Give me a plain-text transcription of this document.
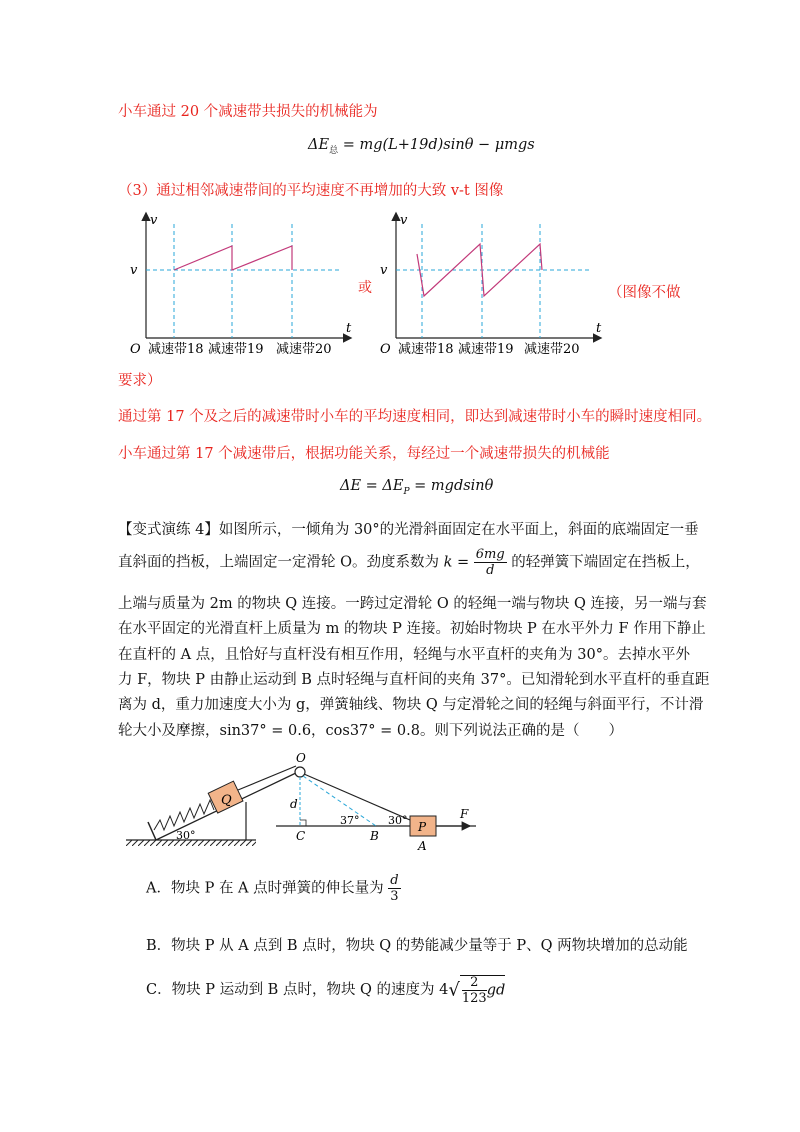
小车通过 20 个减速带共损失的机械能为
$\Delta E_总 = mg(L+19d)\sin\theta - \mu mgs$
（3）通过相邻减速带间的平均速度不再增加的大致 v-t 图像
v
v
t
O 减速带18 减速带19 减速带20
或
v
v
t
O 减速带18 减速带19 减速带20
（图像不做
要求）
通过第 17 个及之后的减速带时小车的平均速度相同，即达到减速带时小车的瞬时速度相同。
小车通过第 17 个减速带后，根据功能关系，每经过一个减速带损失的机械能
$\Delta E = \Delta E_P = mgdsin\theta$
【变式演练 4】如图所示，一倾角为 30°的光滑斜面固定在水平面上，斜面的底端固定一垂
直斜面的挡板，上端固定一定滑轮 O。劲度系数为 $k = \frac{6mg}{d}$ 的轻弹簧下端固定在挡板上，
上端与质量为 2m 的物块 Q 连接。一跨过定滑轮 O 的轻绳一端与物块 Q 连接，另一端与套
在水平固定的光滑直杆上质量为 m 的物块 P 连接。初始时物块 P 在水平外力 F 作用下静止
在直杆的 A 点，且恰好与直杆没有相互作用，轻绳与水平直杆的夹角为 30°。去掉水平外
力 F，物块 P 由静止运动到 B 点时轻绳与直杆间的夹角 37°。已知滑轮到水平直杆的垂直距
离为 d，重力加速度大小为 g，弹簧轴线、物块 Q 与定滑轮之间的轻绳与斜面平行，不计滑
轮大小及摩擦，sin37° = 0.6，cos37° = 0.8。则下列说法正确的是（　　）
Q
O
d
C	B
37°	30° P
A
F
30°
A．物块 P 在 A 点时弹簧的伸长量为 $\frac{d}{3}$
B．物块 P 从 A 点到 B 点时，物块 Q 的势能减少量等于 P、Q 两物块增加的总动能
C．物块 P 运动到 B 点时，物块 Q 的速度为 $4√ \frac{2}{123}$ gd
